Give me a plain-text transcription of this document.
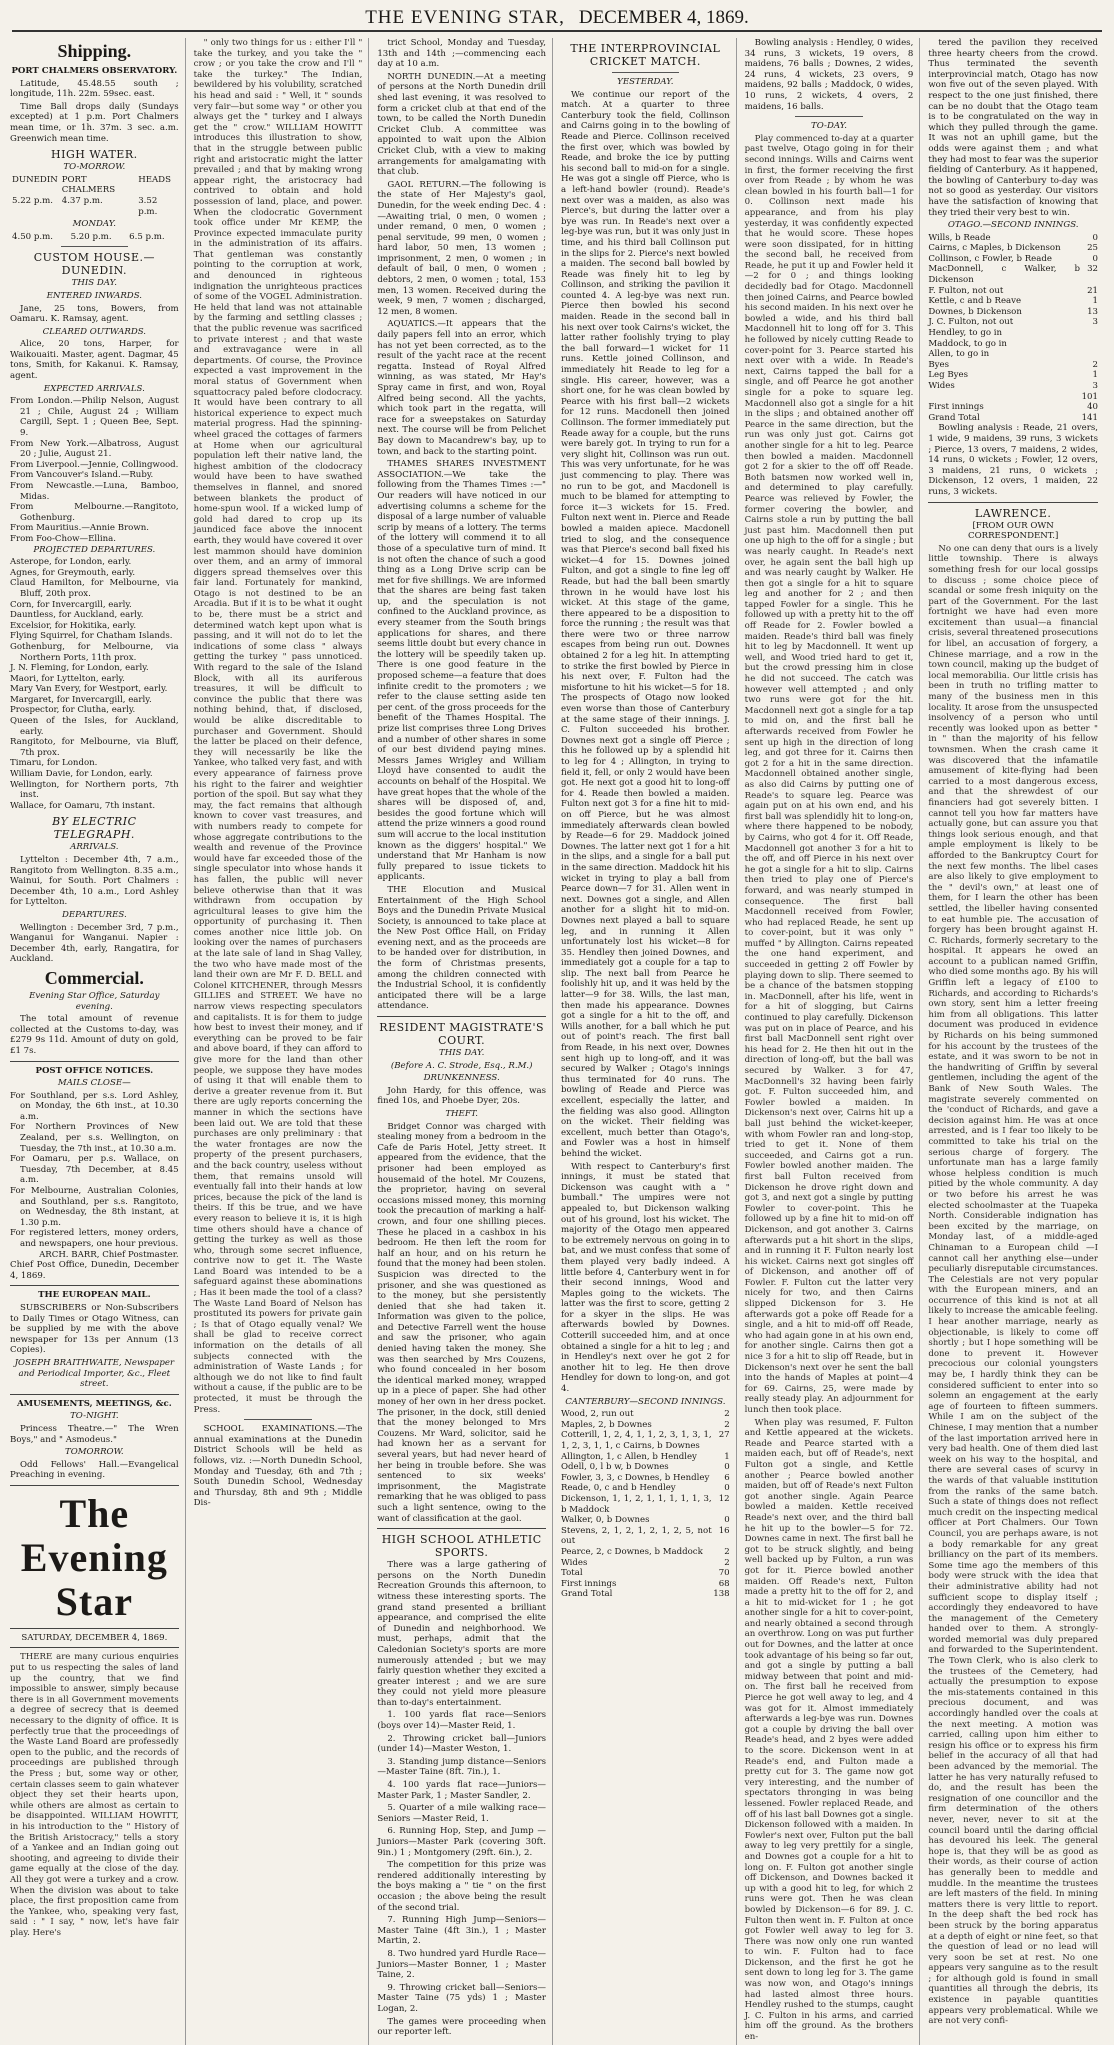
THE EVENING STAR, DECEMBER 4, 1869.
Shipping.
PORT CHALMERS OBSERVATORY.
Latitude, 45.48.55 south ; longitude, 11h. 22m. 59sec. east.
Time Ball drops daily (Sundays excepted) at 1 p.m. Port Chalmers mean time, or 1h. 37m. 3 sec. a.m. Greenwich mean time.
HIGH WATER.
TO-MORROW.
DUNEDIN	PORT CHALMERS	HEADS
5.22 p.m.	4.37 p.m.	3.52 p.m.
MONDAY.
4.50 p.m.	5.20 p.m.	6.5 p.m.
CUSTOM HOUSE.—DUNEDIN.
THIS DAY.
ENTERED INWARDS.
Jane, 25 tons, Bowers, from Oamaru. K. Ramsay, agent.
CLEARED OUTWARDS.
Alice, 20 tons, Harper, for Waikouaiti. Master, agent. Dagmar, 45 tons, Smith, for Kakanui. K. Ramsay, agent.
EXPECTED ARRIVALS.
From London.—Philip Nelson, August 21 ; Chile, August 24 ; William Cargill, Sept. 1 ; Queen Bee, Sept. 9.
From New York.—Albatross, August 20 ; Julie, August 21.
From Liverpool.—Jennie, Collingwood.
From Vancouver's Island.—Ruby.
From Newcastle.—Luna, Bamboo, Midas.
From Melbourne.—Rangitoto, Gothenburg.
From Mauritius.—Annie Brown.
From Foo-Chow—Ellina.
PROJECTED DEPARTURES.
Asterope, for London, early.
Agnes, for Greymouth, early.
Claud Hamilton, for Melbourne, via Bluff, 20th prox.
Corn, for Invercargill, early.
Dauntless, for Auckland, early.
Excelsior, for Hokitika, early.
Flying Squirrel, for Chatham Islands.
Gothenburg, for Melbourne, via Northern Ports, 11th prox.
J. N. Fleming, for London, early.
Maori, for Lyttelton, early.
Mary Van Every, for Westport, early.
Margaret, for Invercargill, early.
Prospector, for Clutha, early.
Queen of the Isles, for Auckland, early.
Rangitoto, for Melbourne, via Bluff, 7th prox.
Timaru, for London.
William Davie, for London, early.
Wellington, for Northern ports, 7th inst.
Wallace, for Oamaru, 7th instant.
BY ELECTRIC TELEGRAPH.
ARRIVALS.
Lyttelton : December 4th, 7 a.m., Rangitoto from Wellington. 8.35 a.m., Wainui, for South. Port Chalmers : December 4th, 10 a.m., Lord Ashley for Lyttelton.
DEPARTURES.
Wellington : December 3rd, 7 p.m., Wanganui for Wanganui. Napier : December 4th, early, Rangatira, for Auckland.
Commercial.
Evening Star Office, Saturday evening.
The total amount of revenue collected at the Customs to-day, was £279 9s 11d. Amount of duty on gold, £1 7s.
POST OFFICE NOTICES.
MAILS CLOSE—
For Southland, per s.s. Lord Ashley, on Monday, the 6th inst., at 10.30 a.m.
For Northern Provinces of New Zealand, per s.s. Wellington, on Tuesday, the 7th inst., at 10.30 a.m.
For Oamaru, per p.s. Wallace, on Tuesday, 7th December, at 8.45 a.m.
For Melbourne, Australian Colonies, and Southland, per s.s. Rangitoto, on Wednesday, the 8th instant, at 1.30 p.m.
For registered letters, money orders, and newspapers, one hour previous.
ARCH. BARR, Chief Postmaster.
Chief Post Office, Dunedin, December 4, 1869.
THE EUROPEAN MAIL.
SUBSCRIBERS or Non-Subscribers to Daily Times or Otago Witness, can be supplied by me with the above newspaper for 13s per Annum (13 Copies).
JOSEPH BRAITHWAITE, Newspaper and Periodical Importer, &c., Fleet street.
AMUSEMENTS, MEETINGS, &c.
TO-NIGHT.
Princess Theatre.—" The Wren Boys," and " Asmodeus."
TOMORROW.
Odd Fellows' Hall.—Evangelical Preaching in evening.
The Evening Star
SATURDAY, DECEMBER 4, 1869.
THERE are many curious enquiries put to us respecting the sales of land up the country, that we find impossible to answer, simply because there is in all Government movements a degree of secrecy that is deemed necessary to the dignity of office. It is perfectly true that the proceedings of the Waste Land Board are professedly open to the public, and the records of proceedings are published through the Press ; but, some way or other, certain classes seem to gain whatever object they set their hearts upon, while others are almost as certain to be disappointed. WILLIAM HOWITT, in his introduction to the " History of the British Aristocracy," tells a story of a Yankee and an Indian going out shooting, and agreeing to divide their game equally at the close of the day. All they got were a turkey and a crow. When the division was about to take place, the first proposition came from the Yankee, who, speaking very fast, said : " I say, " now, let's have fair play. Here's
" only two things for us : either I'll " take the turkey, and you take the " crow ; or you take the crow and I'll " take the turkey." The Indian, bewildered by his volubility, scratched his head and said : " Well, it " sounds very fair—but some way " or other you always get the " turkey and I always get the " crow." WILLIAM HOWITT introduces this illustration to show, that in the struggle between public right and aristocratic might the latter prevailed ; and that by making wrong appear right, the aristocracy had contrived to obtain and hold possession of land, place, and power. When the clodocratic Government took office under Mr KEMP, the Province expected immaculate purity in the administration of its affairs. That gentleman was constantly pointing to the corruption at work, and denounced in righteous indignation the unrighteous practices of some of the VOGEL Administration. He held that land was not attainable by the farming and settling classes ; that the public revenue was sacrificed to private interest ; and that waste and extravagance were in all departments. Of course, the Province expected a vast improvement in the moral status of Government when squattocracy paled before clodocracy. It would have been contrary to all historical experience to expect much material progress. Had the spinning-wheel graced the cottages of farmers at Home when our agricultural population left their native land, the highest ambition of the clodocracy would have been to have swathed themselves in flannel, and snored between blankets the product of home-spun wool. If a wicked lump of gold had dared to crop up its jaundiced face above the innocent earth, they would have covered it over lest mammon should have dominion over them, and an army of immoral diggers spread themselves over this fair land. Fortunately for mankind, Otago is not destined to be an Arcadia. But if it is to be what it ought to be, there must be a strict and determined watch kept upon what is passing, and it will not do to let the indications of some class " always getting the turkey " pass unnoticed. With regard to the sale of the Island Block, with all its auriferous treasures, it will be difficult to convince the public that there was nothing behind, that, if disclosed, would be alike discreditable to purchaser and Government. Should the latter be placed on their defence, they will necessarily be like the Yankee, who talked very fast, and with every appearance of fairness prove his right to the fairer and weightier portion of the spoil. But say what they may, the fact remains that although known to cover vast treasures, and with numbers ready to compete for whose aggregate contributions to the wealth and revenue of the Province would have far exceeded those of the single speculator into whose hands it has fallen, the public will never believe otherwise than that it was withdrawn from occupation by agricultural leases to give him the opportunity of purchasing it. Then comes another nice little job. On looking over the names of purchasers at the late sale of land in Shag Valley, the two who have made most of the land their own are Mr F. D. BELL and Colonel KITCHENER, through Messrs GILLIES and STREET. We have no narrow views respecting speculators and capitalists. It is for them to judge how best to invest their money, and if everything can be proved to be fair and above board, if they can afford to give more for the land than other people, we suppose they have modes of using it that will enable them to derive a greater revenue from it. But there are ugly reports concerning the manner in which the sections have been laid out. We are told that these purchases are only preliminary : that the water frontages are now the property of the present purchasers, and the back country, useless without them, that remains unsold will eventually fall into their hands at low prices, because the pick of the land is theirs. If this be true, and we have every reason to believe it is, it is high time others should have a chance of getting the turkey as well as those who, through some secret influence, contrive now to get it. The Waste Land Board was intended to be a safeguard against these abominations ; Has it been made the tool of a class? The Waste Land Board of Nelson has prostituted its powers for private gain ; Is that of Otago equally venal? We shall be glad to receive correct information on the details of all subjects connected with the administration of Waste Lands ; for although we do not like to find fault without a cause, if the public are to be protected, it must be through the Press.
SCHOOL EXAMINATIONS.—The annual examinations at the Dunedin District Schools will be held as follows, viz. :—North Dunedin School, Monday and Tuesday, 6th and 7th ; South Dunedin School, Wednesday and Thursday, 8th and 9th ; Middle Dis-
trict School, Monday and Tuesday, 13th and 14th ;—commencing each day at 10 a.m.
NORTH DUNEDIN.—At a meeting of persons at the North Dunedin drill shed last evening, it was resolved to form a cricket club at that end of the town, to be called the North Dunedin Cricket Club. A committee was appointed to wait upon the Albion Cricket Club, with a view to making arrangements for amalgamating with that club.
GAOL RETURN.—The following is the state of Her Majesty's gaol, Dunedin, for the week ending Dec. 4 :—Awaiting trial, 0 men, 0 women ; under remand, 0 men, 0 women ; penal servitude, 99 men, 0 women ; hard labor, 50 men, 13 women ; imprisonment, 2 men, 0 women ; in default of bail, 0 men, 0 women ; debtors, 2 men, 0 women ; total, 153 men, 13 women. Received during the week, 9 men, 7 women ; discharged, 12 men, 8 women.
AQUATICS.—It appears that the daily papers fell into an error, which has not yet been corrected, as to the result of the yacht race at the recent regatta. Instead of Royal Alfred winning, as was stated, Mr Hay's Spray came in first, and won, Royal Alfred being second. All the yachts, which took part in the regatta, will race for a sweepstakes on Saturday next. The course will be from Pelichet Bay down to Macandrew's bay, up to town, and back to the starting point.
THAMES SHARES INVESTMENT ASSOCIATION.—We take the following from the Thames Times :—" Our readers will have noticed in our advertising columns a scheme for the disposal of a large number of valuable scrip by means of a lottery. The terms of the lottery will commend it to all those of a speculative turn of mind. It is not often the chance of such a good thing as a Long Drive scrip can be met for five shillings. We are informed that the shares are being fast taken up, and the speculation is not confined to the Auckland province, as every steamer from the South brings applications for shares, and there seems little doubt but every chance in the lottery will be speedily taken up. There is one good feature in the proposed scheme—a feature that does infinite credit to the promoters ; we refer to the clause setting aside ten per cent. of the gross proceeds for the benefit of the Thames Hospital. The prize list comprises three Long Drives and a number of other shares in some of our best dividend paying mines. Messrs James Wrigley and William Lloyd have consented to audit the accounts on behalf of the Hospital. We have great hopes that the whole of the shares will be disposed of, and, besides the good fortune which will attend the prize winners a good round sum will accrue to the local institution known as the diggers' hospital." We understand that Mr Hanham is now fully prepared to issue tickets to applicants.
THE Elocution and Musical Entertainment of the High School Boys and the Dunedin Private Musical Society, is announced to take place at the New Post Office Hall, on Friday evening next, and as the proceeds are to be handed over for distribution, in the form of Christmas presents, among the children connected with the Industrial School, it is confidently anticipated there will be a large attendance.
RESIDENT MAGISTRATE'S COURT.
THIS DAY.
(Before A. C. Strode, Esq., R.M.)
DRUNKENNESS.
John Hardy, for this offence, was fined 10s, and Phoebe Dyer, 20s.
THEFT.
Bridget Connor was charged with stealing money from a bedroom in the Cafe de Paris Hotel, Jetty street. It appeared from the evidence, that the prisoner had been employed as housemaid of the hotel. Mr Couzens, the proprietor, having on several occasions missed money, this morning took the precaution of marking a half-crown, and four one shilling pieces. These he placed in a cashbox in his bedroom. He then left the room for half an hour, and on his return he found that the money had been stolen. Suspicion was directed to the prisoner, and she was questioned as to the money, but she persistently denied that she had taken it. Information was given to the police, and Detective Farrell went the house and saw the prisoner, who again denied having taken the money. She was then searched by Mrs Couzens, who found concealed in her bosom the identical marked money, wrapped up in a piece of paper. She had other money of her own in her dress pocket. The prisoner, in the dock, still denied that the money belonged to Mrs Couzens. Mr Ward, solicitor, said he had known her as a servant for several years, but had never heard of her being in trouble before. She was sentenced to six weeks' imprisonment, the Magistrate remarking that he was obliged to pass such a light sentence, owing to the want of classification at the gaol.
HIGH SCHOOL ATHLETIC SPORTS.
There was a large gathering of persons on the North Dunedin Recreation Grounds this afternoon, to witness these interesting sports. The grand stand presented a brilliant appearance, and comprised the elite of Dunedin and neighborhood. We must, perhaps, admit that the Caledonian Society's sports are more numerously attended ; but we may fairly question whether they excited a greater interest ; and we are sure they could not yield more pleasure than to-day's entertainment.
1. 100 yards flat race—Seniors (boys over 14)—Master Reid, 1.
2. Throwing cricket ball—Juniors (under 14)—Master Weston, 1.
3. Standing jump distance—Seniors—Master Taine (8ft. 7in.), 1.
4. 100 yards flat race—Juniors—Master Park, 1 ; Master Sandler, 2.
5. Quarter of a mile walking race—Seniors —Master Reid, 1.
6. Running Hop, Step, and Jump — Juniors—Master Park (covering 30ft. 9in.) 1 ; Montgomery (29ft. 6in.), 2.
The competition for this prize was rendered additionally interesting by the boys making a " tie " on the first occasion ; the above being the result of the second trial.
7. Running High Jump—Seniors—Master Taine (4ft 3in.), 1 ; Master Martin, 2.
8. Two hundred yard Hurdle Race—Juniors—Master Bonner, 1 ; Master Taine, 2.
9. Throwing cricket ball—Seniors—Master Taine (75 yds) 1 ; Master Logan, 2.
The games were proceeding when our reporter left.
THE INTERPROVINCIAL CRICKET MATCH.
YESTERDAY.
We continue our report of the match. At a quarter to three Canterbury took the field, Collinson and Cairns going in to the bowling of Reade and Pierce. Collinson received the first over, which was bowled by Reade, and broke the ice by putting his second ball to mid-on for a single. He was got a single off Pierce, who is a left-hand bowler (round). Reade's next over was a maiden, as also was Pierce's, but during the latter over a bye was run. In Reade's next over a leg-bye was run, but it was only just in time, and his third ball Collinson put in the slips for 2. Pierce's next bowled a maiden. The second ball bowled by Reade was finely hit to leg by Collinson, and striking the pavilion it counted 4. A leg-bye was next run. Pierce then bowled his second maiden. Reade in the second ball in his next over took Cairns's wicket, the latter rather foolishly trying to play the ball forward—1 wicket for 11 runs. Kettle joined Collinson, and immediately hit Reade to leg for a single. His career, however, was a short one, for he was clean bowled by Pearce with his first ball—2 wickets for 12 runs. Macdonell then joined Collinson. The former immediately put Reade away for a couple, but the runs were barely got. In trying to run for a very slight hit, Collinson was run out. This was very unfortunate, for he was just commencing to play. There was no run to be got, and Macdonell is much to be blamed for attempting to force it—3 wickets for 15. Fred. Fulton next went in. Pierce and Reade bowled a maiden apiece. Macdonell tried to slog, and the consequence was that Pierce's second ball fixed his wicket—4 for 15. Downes joined Fulton, and got a single to fine leg off Reade, but had the ball been smartly thrown in he would have lost his wicket. At this stage of the game, there appeared to be a disposition to force the running ; the result was that there were two or three narrow escapes from being run out. Downes obtained 2 for a leg hit. In attempting to strike the first bowled by Pierce in his next over, F. Fulton had the misfortune to hit his wicket—5 for 18. The prospects of Otago now looked even worse than those of Canterbury at the same stage of their innings. J. C. Fulton succeeded his brother. Downes next got a single off Pierce ; this he followed up by a splendid hit to leg for 4 ; Allington, in trying to field it, fell, or only 2 would have been got. He next got a good hit to long-off for 4. Reade then bowled a maiden. Fulton next got 3 for a fine hit to mid-on off Pierce, but he was almost immediately afterwards clean bowled by Reade—6 for 29. Maddock joined Downes. The latter next got 1 for a hit in the slips, and a single for a ball put in the same direction. Maddock hit his wicket in trying to play a ball from Pearce down—7 for 31. Allen went in next. Downes got a single, and Allen another for a slight hit to mid-on. Downes next played a ball to square leg, and in running it Allen unfortunately lost his wicket—8 for 35. Hendley then joined Downes, and immediately got a couple for a tap to slip. The next ball from Pearce he foolishly hit up, and it was held by the latter—9 for 38. Wills, the last man, then made his appearance. Downes got a single for a hit to the off, and Wills another, for a ball which he put out of point's reach. The first ball from Reade, in his next over, Downes sent high up to long-off, and it was secured by Walker ; Otago's innings thus terminated for 40 runs. The bowling of Reade and Pierce was excellent, especially the latter, and the fielding was also good. Allington on the wicket. Their fielding was excellent, much better than Otago's, and Fowler was a host in himself behind the wicket.
With respect to Canterbury's first innings, it must be stated that Dickenson was caught with a " bumball." The umpires were not appealed to, but Dickenson walking out of his ground, lost his wicket. The majority of the Otago men appeared to be extremely nervous on going in to bat, and we must confess that some of them played very badly indeed. A little before 4, Canterbury went in for their second innings, Wood and Maples going to the wickets. The latter was the first to score, getting 2 for a skyer in the slips. He was afterwards bowled by Downes. Cotterill succeeded him, and at once obtained a single for a hit to leg ; and in Hendley's next over he got 2 for another hit to leg. He then drove Hendley for down to long-on, and got 4.
CANTERBURY—SECOND INNINGS.
Wood, 2, run out	2
Maples, 2, b Downes	2
Cotterill, 1, 2, 4, 1, 1, 2, 3, 1, 3, 1, 1, 2, 3, 1, 1, c Cairns, b Downes
27
Allington, 1, c Allen, b Hendley	1
Odell, 0, l b w, b Downes	0
Fowler, 3, 3, c Downes, b Hendley	6
Reade, 0, c and b Hendley	0
Dickenson, 1, 1, 2, 1, 1, 1, 1, 1, 3, b Maddock
12
Walker, 0, b Downes	0
Stevens, 2, 1, 2, 1, 2, 1, 2, 5, not out
16
Pearce, 2, c Downes, b Maddock	2
Wides	2
Total	70
First innings	68
Grand Total	138
Bowling analysis : Hendley, 0 wides, 34 runs, 3 wickets, 19 overs, 8 maidens, 76 balls ; Downes, 2 wides, 24 runs, 4 wickets, 23 overs, 9 maidens, 92 balls ; Maddock, 0 wides, 10 runs, 2 wickets, 4 overs, 2 maidens, 16 balls.
TO-DAY.
Play commenced to-day at a quarter past twelve, Otago going in for their second innings. Wills and Cairns went in first, the former receiving the first over from Reade ; by whom he was clean bowled in his fourth ball—1 for 0. Collinson next made his appearance, and from his play yesterday, it was confidently expected that he would score. These hopes were soon dissipated, for in hitting the second ball, he received from Reade, he put it up and Fowler held it—2 for 0 ; and things looking decidedly bad for Otago. Macdonnell then joined Cairns, and Pearce bowled his second maiden. In his next over he bowled a wide, and his third ball Macdonnell hit to long off for 3. This he followed by nicely cutting Reade to cover-point for 3. Pearce started his next over with a wide. In Reade's next, Cairns tapped the ball for a single, and off Pearce he got another single for a poke to square leg. Macdonnell also got a single for a hit in the slips ; and obtained another off Pearce in the same direction, but the run was only just got. Cairns got another single for a hit to leg. Pearce then bowled a maiden. Macdonnell got 2 for a skier to the off off Reade. Both batsmen now worked well in, and determined to play carefully. Pearce was relieved by Fowler, the former covering the bowler, and Cairns stole a run by putting the ball just past him. Macdonnell then put one up high to the off for a single ; but was nearly caught. In Reade's next over, he again sent the ball high up and was nearly caught by Walker. He then got a single for a hit to square leg and another for 2 ; and then tapped Fowler for a single. This he followed up with a pretty hit to the off off Reade for 2. Fowler bowled a maiden. Reade's third ball was finely hit to leg by Macdonnell. It went up well, and Wood tried hard to get it, but the crowd pressing him in close he did not succeed. The catch was however well attempted ; and only two runs were got for the hit. Macdonnell next got a single for a tap to mid on, and the first ball he afterwards received from Fowler he sent up high in the direction of long leg, and got three for it. Cairns then got 2 for a hit in the same direction. Macdonnell obtained another single, as also did Cairns by putting one of Reade's to square leg. Pearce was again put on at his own end, and his first ball was splendidly hit to long-on, where there happened to be nobody, by Cairns, who got 4 for it. Off Reade, Macdonnell got another 3 for a hit to the off, and off Pierce in his next over he got a single for a hit to slip. Cairns then tried to play one of Pierce's forward, and was nearly stumped in consequence. The first ball Macdonnell received from Fowler, who had replaced Reade, he sent up to cover-point, but it was only " muffed " by Allington. Cairns repeated the one hand experiment, and succeeded in getting 2 off Fowler by playing down to slip. There seemed to be a chance of the batsmen stopping in. MacDonnell, after his life, went in for a hit of slogging, but Cairns continued to play carefully. Dickenson was put on in place of Pearce, and his first ball MacDonnell sent right over his head for 2. He then hit out in the direction of long-off, but the ball was secured by Walker. 3 for 47, MacDonnell's 32 having been fairly got. F. Fulton succeeded him, and Fowler bowled a maiden. In Dickenson's next over, Cairns hit up a ball just behind the wicket-keeper, with whom Fowler ran and long-stop, tried to get it. None of them succeeded, and Cairns got a run. Fowler bowled another maiden. The first ball Fulton received from Dickenson he drove right down and got 3, and next got a single by putting Fowler to cover-point. This he followed up by a fine hit to mid-on off Dickenson, and got another 3. Cairns afterwards put a hit short in the slips, and in running it F. Fulton nearly lost his wicket. Cairns next got singles off of Dickenson, and another off of Fowler. F. Fulton cut the latter very nicely for two, and then Cairns slipped Dickenson for 3. He afterwards got a poke off Reade for a single, and a hit to mid-off off Reade, who had again gone in at his own end, for another single. Cairns then got a nice 3 for a hit to slip off Reade, but in Dickenson's next over he sent the ball into the hands of Maples at point—4 for 69. Cairns, 25, were made by really steady play. An adjournment for lunch then took place.
When play was resumed, F. Fulton and Kettle appeared at the wickets. Reade and Pearce started with a maiden each, but off of Reade's, next Fulton got a single, and Kettle another ; Pearce bowled another maiden, but off of Reade's next Fulton got another single. Again Pearce bowled a maiden. Kettle received Reade's next over, and the third ball he hit up to the bowler—5 for 72. Downes came in next. The first ball he got to be struck slightly, and being well backed up by Fulton, a run was got for it. Pierce bowled another maiden. Off Reade's next, Fulton made a pretty hit to the off for 2, and a hit to mid-wicket for 1 ; he got another single for a hit to cover-point, and nearly obtained a second through an overthrow. Long on was put further out for Downes, and the latter at once took advantage of his being so far out, and got a single by putting a ball midway between that point and mid-on. The first ball he received from Pierce he got well away to leg, and 4 was got for it. Almost immediately afterwards a leg-bye was run. Downes got a couple by driving the ball over Reade's head, and 2 byes were added to the score. Dickenson went in at Reade's end, and Fulton made a pretty cut for 3. The game now got very interesting, and the number of spectators thronging in was being lessened. Fowler replaced Reade, and off of his last ball Downes got a single. Dickenson followed with a maiden. In Fowler's next over, Fulton put the ball away to leg very prettily for a single, and Downes got a couple for a hit to long on. F. Fulton got another single off Dickenson, and Downes backed it up with a good hit to leg, for which 2 runs were got. Then he was clean bowled by Dickenson—6 for 89. J. C. Fulton then went in. F. Fulton at once got Fowler well away to leg for 3. There was now only one run wanted to win. F. Fulton had to face Dickenson, and the first he got he sent down to long leg for 3. The game was now won, and Otago's innings had lasted almost three hours. Hendley rushed to the stumps, caught J. C. Fulton in his arms, and carried him off the ground. As the brothers en-
tered the pavilion they received three hearty cheers from the crowd. Thus terminated the seventh interprovincial match, Otago has now won five out of the seven played. With respect to the one just finished, there can be no doubt that the Otago team is to be congratulated on the way in which they pulled through the game. It was not an uphill game, but the odds were against them ; and what they had most to fear was the superior fielding of Canterbury. As it happened, the bowling of Canterbury to-day was not so good as yesterday. Our visitors have the satisfaction of knowing that they tried their very best to win.
OTAGO.—SECOND INNINGS.
Wills, b Reade	0
Cairns, c Maples, b Dickenson	25
Collinson, c Fowler, b Reade	0
MacDonnell, c Walker, b Dickenson
32
F. Fulton, not out	21
Kettle, c and b Reave	1
Downes, b Dickenson	13
J. C. Fulton, not out	3
Hendley, to go in
Maddock, to go in
Allen, to go in
Byes	2
Leg Byes	1
Wides	3
101
First innings	40
Grand Total	141
Bowling analysis : Reade, 21 overs, 1 wide, 9 maidens, 39 runs, 3 wickets ; Pierce, 13 overs, 7 maidens, 2 wides, 14 runs, 0 wickets ; Fowler, 12 overs, 3 maidens, 21 runs, 0 wickets ; Dickenson, 12 overs, 1 maiden, 22 runs, 3 wickets.
LAWRENCE.
[FROM OUR OWN CORRESPONDENT.]
No one can deny that ours is a lively little township. There is always something fresh for our local gossips to discuss ; some choice piece of scandal or some fresh iniquity on the part of the Government. For the last fortnight we have had even more excitement than usual—a financial crisis, several threatened prosecutions for libel, an accusation of forgery, a Chinese marriage, and a row in the town council, making up the budget of local memorabilia. Our little crisis has been in truth no trifling matter to many of the business men in this locality. It arose from the unsuspected insolvency of a person who until recently was looked upon as better " in " than the majority of his fellow townsmen. When the crash came it was discovered that the infamatile amusement of kite-flying had been carried to a most dangerous excess, and that the shrewdest of our financiers had got severely bitten. I cannot tell you how far matters have actually gone, but can assure you that things look serious enough, and that ample employment is likely to be afforded to the Bankruptcy Court for the next few months. The libel cases are also likely to give employment to the " devil's own," at least one of them, for I learn the other has been settled, the libeller having consented to eat humble pie. The accusation of forgery has been brought against H. C. Richards, formerly secretary to the hospital. It appears he owed an account to a publican named Griffin, who died some months ago. By his will Griffin left a legacy of £100 to Richards, and according to Richards's own story, sent him a letter freeing him from all obligations. This latter document was produced in evidence by Richards on his being summoned for his account by the trustees of the estate, and it was sworn to be not in the handwriting of Griffin by several gentlemen, including the agent of the Bank of New South Wales. The magistrate severely commented on the 'conduct of Richards, and gave a decision against him. He was at once arrested, and is I fear too likely to be committed to take his trial on the serious charge of forgery. The unfortunate man has a large family whose helpless condition is much pitied by the whole community. A day or two before his arrest he was elected schoolmaster at the Tuapeka North. Considerable indignation has been excited by the marriage, on Monday last, of a middle-aged Chinaman to a European child —I cannot call her anything else—under peculiarly disreputable circumstances. The Celestials are not very popular with the European miners, and an occurrence of this kind is not at all likely to increase the amicable feeling. I hear another marriage, nearly as objectionable, is likely to come off shortly ; but I hope something will be done to prevent it. However precocious our colonial youngsters may be, I hardly think they can be considered sufficient to enter into so solemn an engagement at the early age of fourteen to fifteen summers. While I am on the subject of the Chinese, I may mention that a number of the last importation arrived here in very bad health. One of them died last week on his way to the hospital, and there are several cases of scurvy in the wards of that valuable institution from the ranks of the same batch. Such a state of things does not reflect much credit on the inspecting medical officer at Port Chalmers. Our Town Council, you are perhaps aware, is not a body remarkable for any great brilliancy on the part of its members. Some time ago the members of this body were struck with the idea that their administrative ability had not sufficient scope to display itself ; accordingly they endeavored to have the management of the Cemetery handed over to them. A strongly-worded memorial was duly prepared and forwarded to the Superintendent. The Town Clerk, who is also clerk to the trustees of the Cemetery, had actually the presumption to expose the mis-statements contained in this precious document, and was accordingly handled over the coals at the next meeting. A motion was carried, calling upon him either to resign his office or to express his firm belief in the accuracy of all that had been advanced by the memorial. The latter he has very naturally refused to do, and the result has been the resignation of one councillor and the firm determination of the others never, never, never to sit at the council board until the daring official has devoured his leek. The general hope is, that they will be as good as their words, as their course of action has generally been to meddle and muddle. In the meantime the trustees are left masters of the field. In mining matters there is very little to report. In the deep shaft the bed rock has been struck by the boring apparatus at a depth of eight or nine feet, so that the question of lead or no lead will very soon be set at rest. No one appears very sanguine as to the result ; for although gold is found in small quantities all through the debris, its existence in payable quantities appears very problematical. While we are not very confi-
